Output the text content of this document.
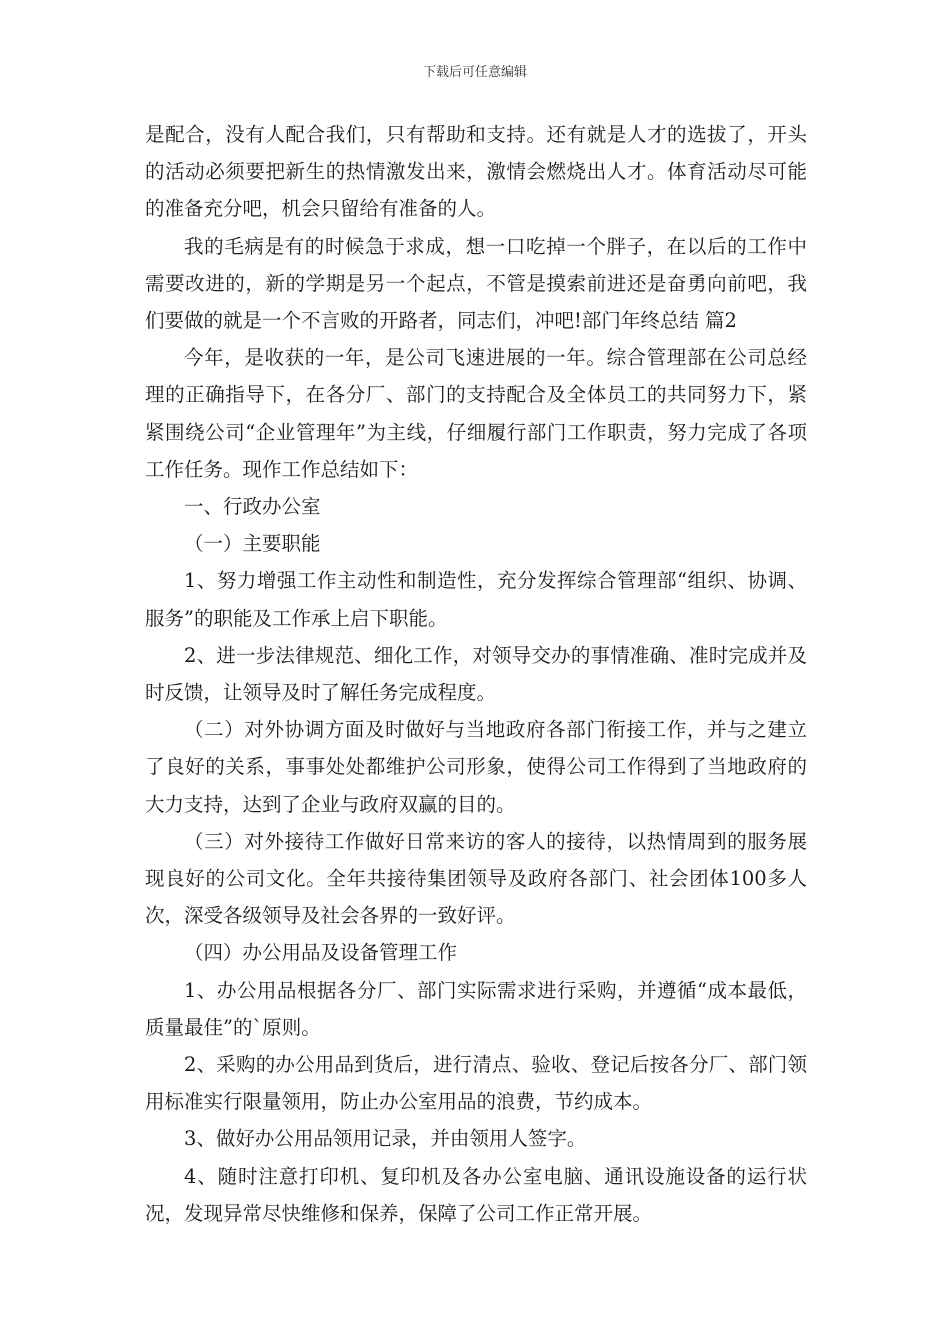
下载后可任意编辑

是配合，没有人配合我们，只有帮助和支持。还有就是人才的选拔了，开头的活动必须要把新生的热情激发出来，激情会燃烧出人才。体育活动尽可能的准备充分吧，机会只留给有准备的人。

我的毛病是有的时候急于求成，想一口吃掉一个胖子，在以后的工作中需要改进的，新的学期是另一个起点，不管是摸索前进还是奋勇向前吧，我们要做的就是一个不言败的开路者，同志们，冲吧!部门年终总结 篇2

今年，是收获的一年，是公司飞速进展的一年。综合管理部在公司总经理的正确指导下，在各分厂、部门的支持配合及全体员工的共同努力下，紧紧围绕公司“企业管理年”为主线，仔细履行部门工作职责，努力完成了各项工作任务。现作工作总结如下：

一、行政办公室

（一）主要职能

1、努力增强工作主动性和制造性，充分发挥综合管理部“组织、协调、服务”的职能及工作承上启下职能。

2、进一步法律规范、细化工作，对领导交办的事情准确、准时完成并及时反馈，让领导及时了解任务完成程度。

（二）对外协调方面及时做好与当地政府各部门衔接工作，并与之建立了良好的关系，事事处处都维护公司形象，使得公司工作得到了当地政府的大力支持，达到了企业与政府双赢的目的。

（三）对外接待工作做好日常来访的客人的接待，以热情周到的服务展现良好的公司文化。全年共接待集团领导及政府各部门、社会团体100多人次，深受各级领导及社会各界的一致好评。

（四）办公用品及设备管理工作

1、办公用品根据各分厂、部门实际需求进行采购，并遵循“成本最低，质量最佳”的`原则。

2、采购的办公用品到货后，进行清点、验收、登记后按各分厂、部门领用标准实行限量领用，防止办公室用品的浪费，节约成本。

3、做好办公用品领用记录，并由领用人签字。

4、随时注意打印机、复印机及各办公室电脑、通讯设施设备的运行状况，发现异常尽快维修和保养，保障了公司工作正常开展。
